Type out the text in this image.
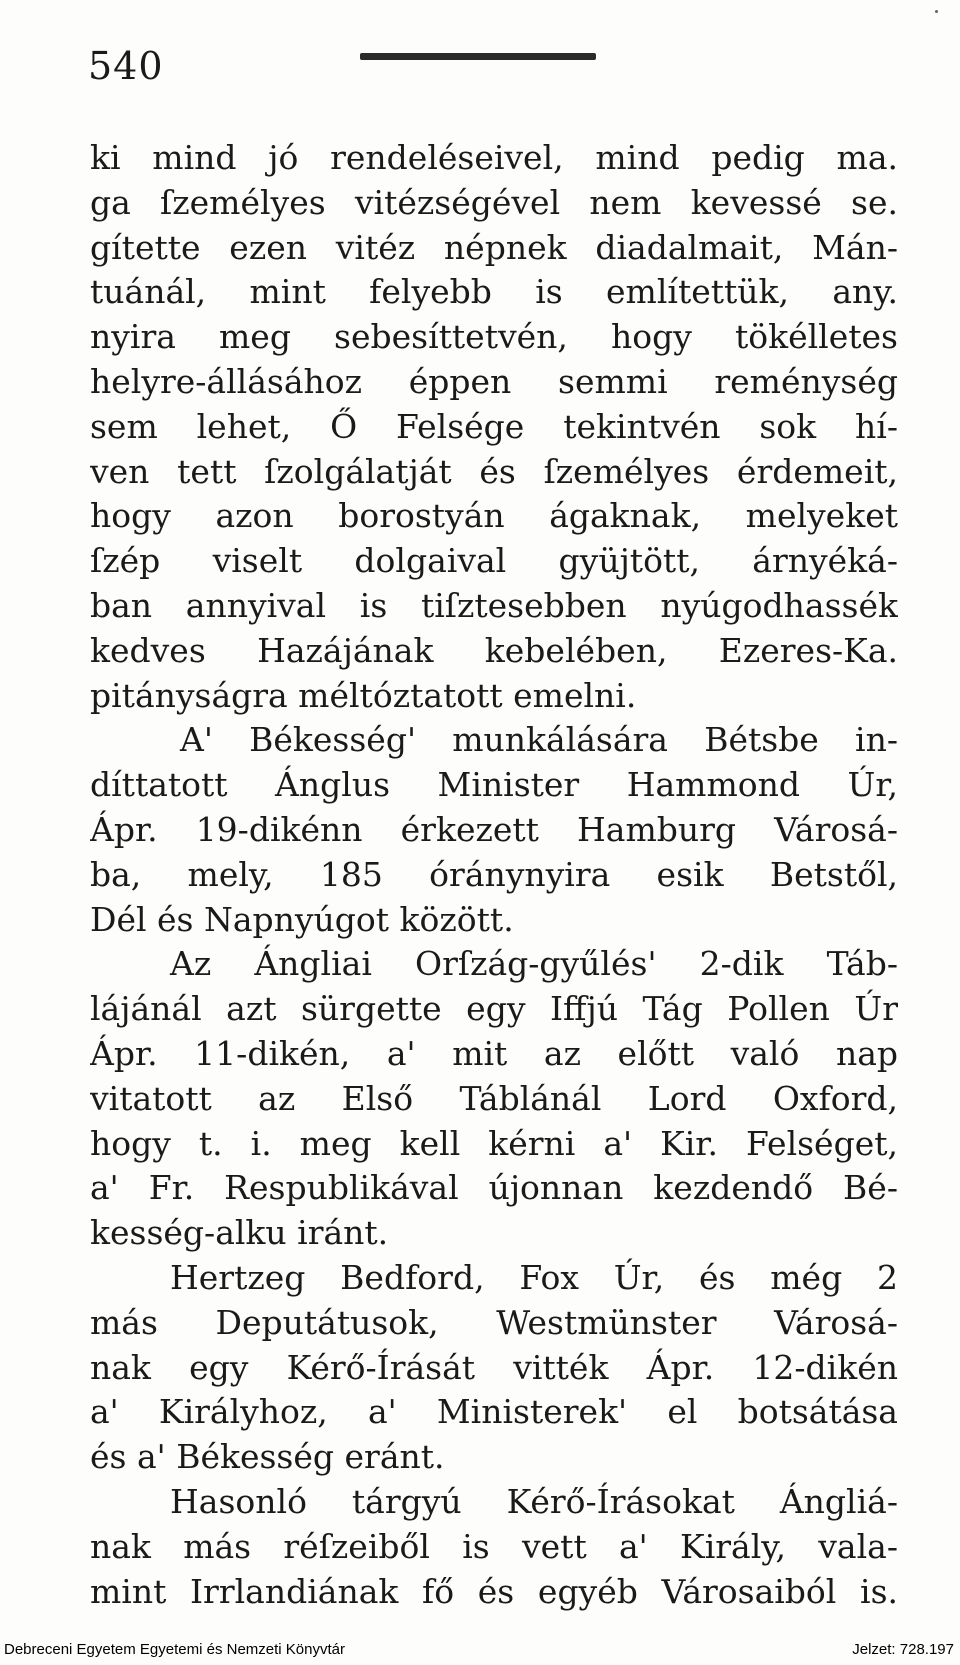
540
ki mind jó rendeléseivel, mind pedig ma.
ga ſzemélyes vitézségével nem kevessé se.
gítette ezen vitéz népnek diadalmait, Mán-
tuánál, mint felyebb is említettük, any.
nyira meg sebesíttetvén, hogy tökélletes
helyre-állásához éppen semmi reménység
sem lehet, Ő Felsége tekintvén sok hí-
ven tett ſzolgálatját és ſzemélyes érdemeit,
hogy azon borostyán ágaknak, melyeket
ſzép viselt dolgaival gyüjtött, árnyéká-
ban annyival is tiſztesebben nyúgodhassék
kedves Hazájának kebelében, Ezeres-Ka.
pitányságra méltóztatott emelni.
A' Békesség' munkálására Bétsbe in-
díttatott Ánglus Minister Hammond Úr,
Ápr. 19-dikénn érkezett Hamburg Városá-
ba, mely, 185 óránynyira esik Betstől,
Dél és Napnyúgot között.
Az Ángliai Orſzág-gyűlés' 2-dik Táb-
lájánál azt sürgette egy Iffjú Tág Pollen Úr
Ápr. 11-dikén, a' mit az előtt való nap
vitatott az Első Táblánál Lord Oxford,
hogy t. i. meg kell kérni a' Kir. Felséget,
a' Fr. Respublikával újonnan kezdendő Bé-
kesség-alku iránt.
Hertzeg Bedford, Fox Úr, és még 2
más Deputátusok, Westmünster Városá-
nak egy Kérő-Írását vitték Ápr. 12-dikén
a' Királyhoz, a' Ministerek' el botsátása
és a' Békesség eránt.
Hasonló tárgyú Kérő-Írásokat Ángliá-
nak más réſzeiből is vett a' Király, vala-
mint Irrlandiának fő és egyéb Városaiból is.
Debreceni Egyetem Egyetemi és Nemzeti Könyvtár	Jelzet: 728.197
